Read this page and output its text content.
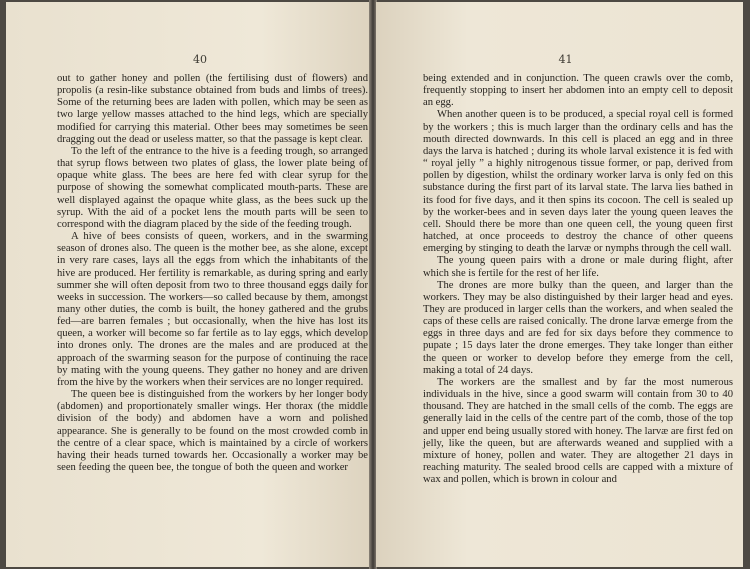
40

out to gather honey and pollen (the fertilising dust of flowers) and propolis (a resin-like substance obtained from buds and limbs of trees). Some of the returning bees are laden with pollen, which may be seen as two large yellow masses attached to the hind legs, which are specially modified for carrying this material. Other bees may sometimes be seen dragging out the dead or useless matter, so that the passage is kept clear.

To the left of the entrance to the hive is a feeding trough, so arranged that syrup flows between two plates of glass, the lower plate being of opaque white glass. The bees are here fed with clear syrup for the purpose of showing the somewhat complicated mouth-parts. These are well displayed against the opaque white glass, as the bees suck up the syrup. With the aid of a pocket lens the mouth parts will be seen to correspond with the diagram placed by the side of the feeding trough.

A hive of bees consists of queen, workers, and in the swarming season of drones also. The queen is the mother bee, as she alone, except in very rare cases, lays all the eggs from which the inhabitants of the hive are produced. Her fertility is remarkable, as during spring and early summer she will often deposit from two to three thousand eggs daily for weeks in succession. The workers—so called because by them, amongst many other duties, the comb is built, the honey gathered and the grubs fed—are barren females ; but occasionally, when the hive has lost its queen, a worker will become so far fertile as to lay eggs, which develop into drones only. The drones are the males and are produced at the approach of the swarming season for the purpose of continuing the race by mating with the young queens. They gather no honey and are driven from the hive by the workers when their services are no longer required.

The queen bee is distinguished from the workers by her longer body (abdomen) and proportionately smaller wings. Her thorax (the middle division of the body) and abdomen have a worn and polished appearance. She is generally to be found on the most crowded comb in the centre of a clear space, which is maintained by a circle of workers having their heads turned towards her. Occasionally a worker may be seen feeding the queen bee, the tongue of both the queen and worker

41

being extended and in conjunction. The queen crawls over the comb, frequently stopping to insert her abdomen into an empty cell to deposit an egg.

When another queen is to be produced, a special royal cell is formed by the workers ; this is much larger than the ordinary cells and has the mouth directed downwards. In this cell is placed an egg and in three days the larva is hatched ; during its whole larval existence it is fed with “ royal jelly ” a highly nitrogenous tissue former, or pap, derived from pollen by digestion, whilst the ordinary worker larva is only fed on this substance during the first part of its larval state. The larva lies bathed in its food for five days, and it then spins its cocoon. The cell is sealed up by the worker-bees and in seven days later the young queen leaves the cell. Should there be more than one queen cell, the young queen first hatched, at once proceeds to destroy the chance of other queens emerging by stinging to death the larvæ or nymphs through the cell wall.

The young queen pairs with a drone or male during flight, after which she is fertile for the rest of her life.

The drones are more bulky than the queen, and larger than the workers. They may be also distinguished by their larger head and eyes. They are produced in larger cells than the workers, and when sealed the caps of these cells are raised conically. The drone larvæ emerge from the eggs in three days and are fed for six days before they commence to pupate ; 15 days later the drone emerges. They take longer than either the queen or worker to develop before they emerge from the cell, making a total of 24 days.

The workers are the smallest and by far the most numerous individuals in the hive, since a good swarm will contain from 30 to 40 thousand. They are hatched in the small cells of the comb. The eggs are generally laid in the cells of the centre part of the comb, those of the top and upper end being usually stored with honey. The larvæ are first fed on jelly, like the queen, but are afterwards weaned and supplied with a mixture of honey, pollen and water. They are altogether 21 days in reaching maturity. The sealed brood cells are capped with a mixture of wax and pollen, which is brown in colour and
